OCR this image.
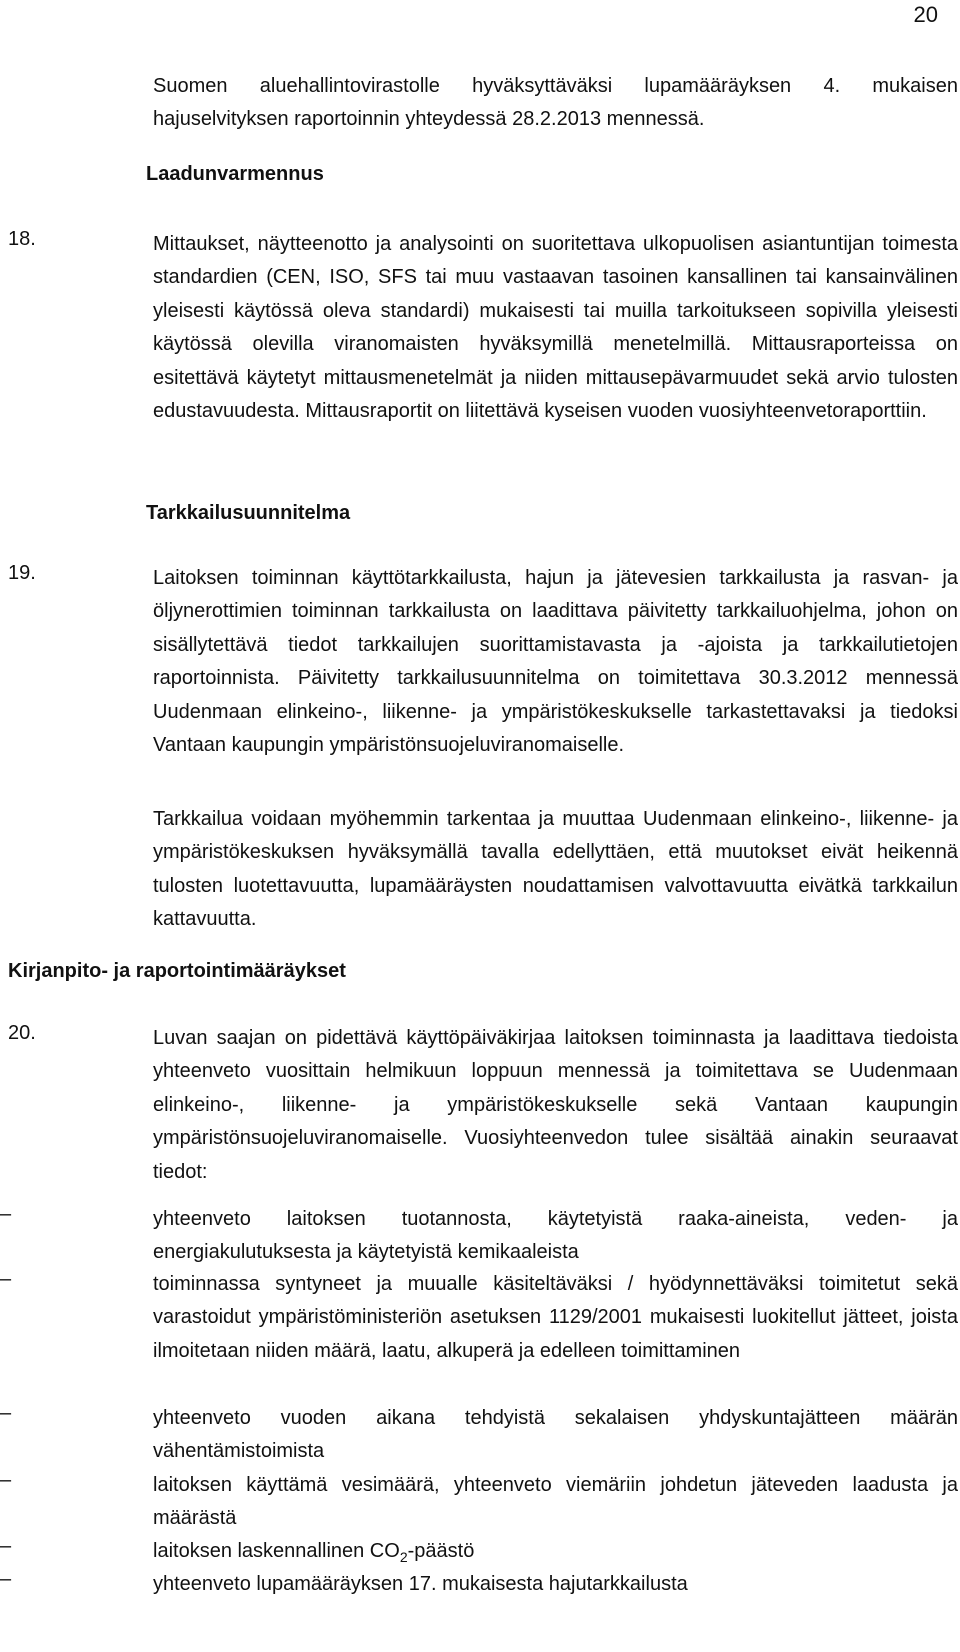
20
Suomen aluehallintovirastolle hyväksyttäväksi lupamääräyksen 4. mukaisen hajuselvityksen raportoinnin yhteydessä 28.2.2013 mennessä.
Laadunvarmennus
18.	Mittaukset, näytteenotto ja analysointi on suoritettava ulkopuolisen asiantuntijan toimesta standardien (CEN, ISO, SFS tai muu vastaavan tasoinen kansallinen tai kansainvälinen yleisesti käytössä oleva standardi) mukaisesti tai muilla tarkoitukseen sopivilla yleisesti käytössä olevilla viranomaisten hyväksymillä menetelmillä. Mittausraporteissa on esitettävä käytetyt mittausmenetelmät ja niiden mittausepävarmuudet sekä arvio tulosten edustavuudesta. Mittausraportit on liitettävä kyseisen vuoden vuosiyhteenvetoraporttiin.
Tarkkailusuunnitelma
19.	Laitoksen toiminnan käyttötarkkailusta, hajun ja jätevesien tarkkailusta ja rasvan- ja öljynerottimien toiminnan tarkkailusta on laadittava päivitetty tarkkailuohjelma, johon on sisällytettävä tiedot tarkkailujen suorittamistavasta ja -ajoista ja tarkkailutietojen raportoinnista. Päivitetty tarkkailusuunnitelma on toimitettava 30.3.2012 mennessä Uudenmaan elinkeino-, liikenne- ja ympäristökeskukselle tarkastettavaksi ja tiedoksi Vantaan kaupungin ympäristönsuojeluviranomaiselle.
Tarkkailua voidaan myöhemmin tarkentaa ja muuttaa Uudenmaan elinkeino-, liikenne- ja ympäristökeskuksen hyväksymällä tavalla edellyttäen, että muutokset eivät heikennä tulosten luotettavuutta, lupamääräysten noudattamisen valvottavuutta eivätkä tarkkailun kattavuutta.
Kirjanpito- ja raportointimääräykset
20.	Luvan saajan on pidettävä käyttöpäiväkirjaa laitoksen toiminnasta ja laadittava tiedoista yhteenveto vuosittain helmikuun loppuun mennessä ja toimitettava se Uudenmaan elinkeino-, liikenne- ja ympäristökeskukselle sekä Vantaan kaupungin ympäristönsuojeluviranomaiselle. Vuosiyhteenvedon tulee sisältää ainakin seuraavat tiedot:
–	yhteenveto laitoksen tuotannosta, käytetyistä raaka-aineista, veden- ja energiakulutuksesta ja käytetyistä kemikaaleista
–	toiminnassa syntyneet ja muualle käsiteltäväksi / hyödynnettäväksi toimitetut sekä varastoidut ympäristöministeriön asetuksen 1129/2001 mukaisesti luokitellut jätteet, joista ilmoitetaan niiden määrä, laatu, alkuperä ja edelleen toimittaminen
–	yhteenveto vuoden aikana tehdyistä sekalaisen yhdyskuntajätteen määrän vähentämistoimista
–	laitoksen käyttämä vesimäärä, yhteenveto viemäriin johdetun jäteveden laadusta ja määrästä
–	laitoksen laskennallinen $CO_2$-päästö
–	yhteenveto lupamääräyksen 17. mukaisesta hajutarkkailusta
